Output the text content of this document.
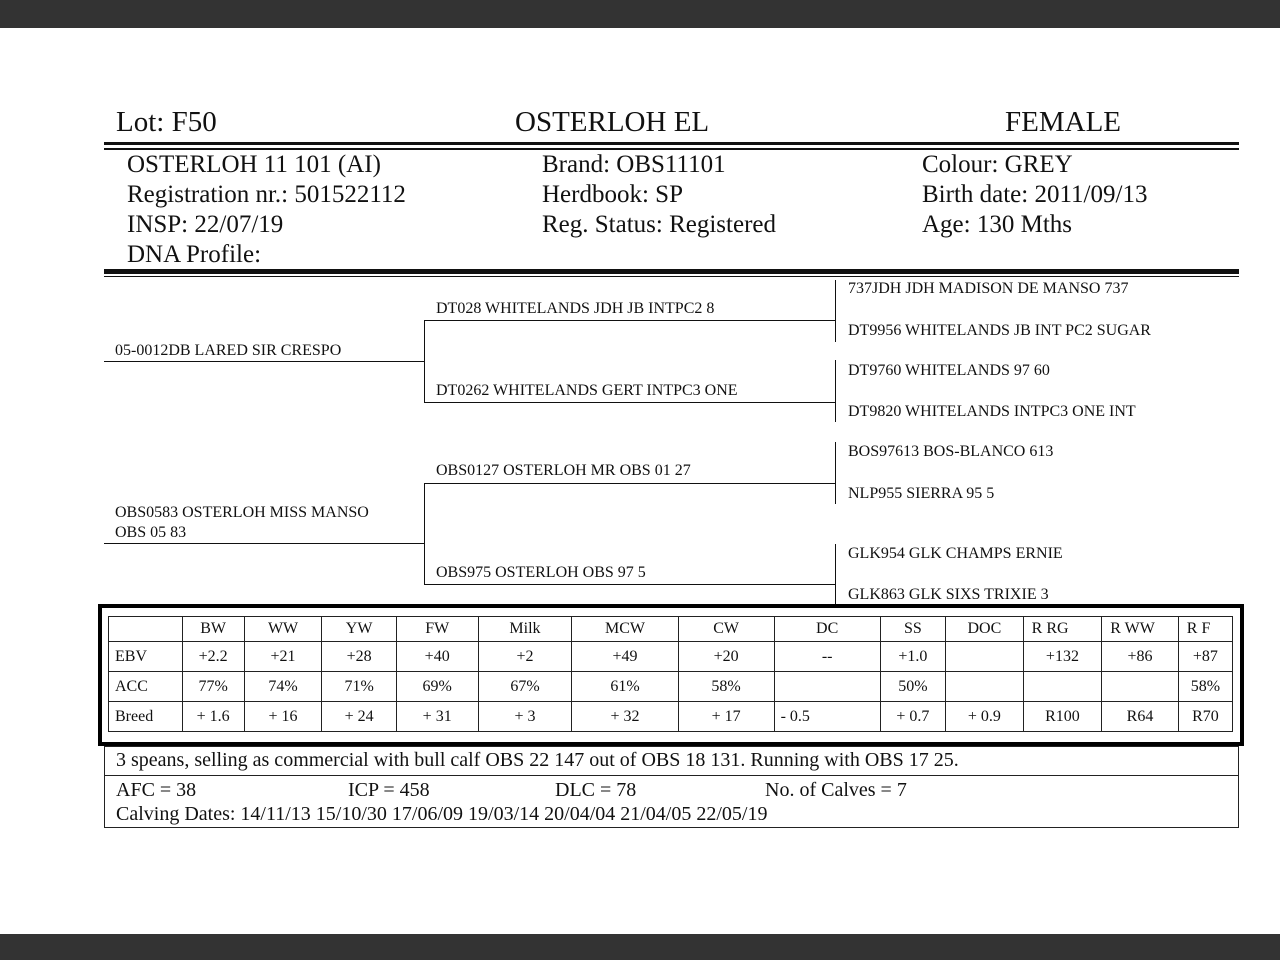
Lot: F50	OSTERLOH EL	FEMALE
OSTERLOH 11 101 (AI)
Registration nr.: 501522112
INSP: 22/07/19
DNA Profile:
Brand: OBS11101
Herdbook: SP
Reg. Status: Registered
Colour: GREY
Birth date: 2011/09/13
Age: 130 Mths
05-0012DB LARED SIR CRESPO
OBS0583 OSTERLOH MISS MANSO
OBS 05 83
DT028 WHITELANDS JDH JB INTPC2 8
DT0262 WHITELANDS GERT INTPC3 ONE
OBS0127 OSTERLOH MR OBS 01 27
OBS975 OSTERLOH OBS 97 5
737JDH JDH MADISON DE MANSO 737
DT9956 WHITELANDS JB INT PC2 SUGAR
DT9760 WHITELANDS 97 60
DT9820 WHITELANDS INTPC3 ONE INT
BOS97613 BOS-BLANCO 613
NLP955 SIERRA 95 5
GLK954 GLK CHAMPS ERNIE
GLK863 GLK SIXS TRIXIE 3
	BW	WW	YW	FW	Milk	MCW	CW	DC	SS	DOC	R RG	R WW	R F
EBV	+2.2	+21	+28	+40	+2	+49	+20	--	+1.0		+132	+86	+87
ACC	77%	74%	71%	69%	67%	61%	58%		50%				58%
Breed	+ 1.6	+ 16	+ 24	+ 31	+ 3	+ 32	+ 17	- 0.5	+ 0.7	+ 0.9	R100	R64	R70
3 speans, selling as commercial with bull calf OBS 22 147 out of OBS 18 131. Running with OBS 17 25.
AFC = 38	ICP = 458	DLC = 78	No. of Calves = 7
Calving Dates: 14/11/13 15/10/30 17/06/09 19/03/14 20/04/04 21/04/05 22/05/19
